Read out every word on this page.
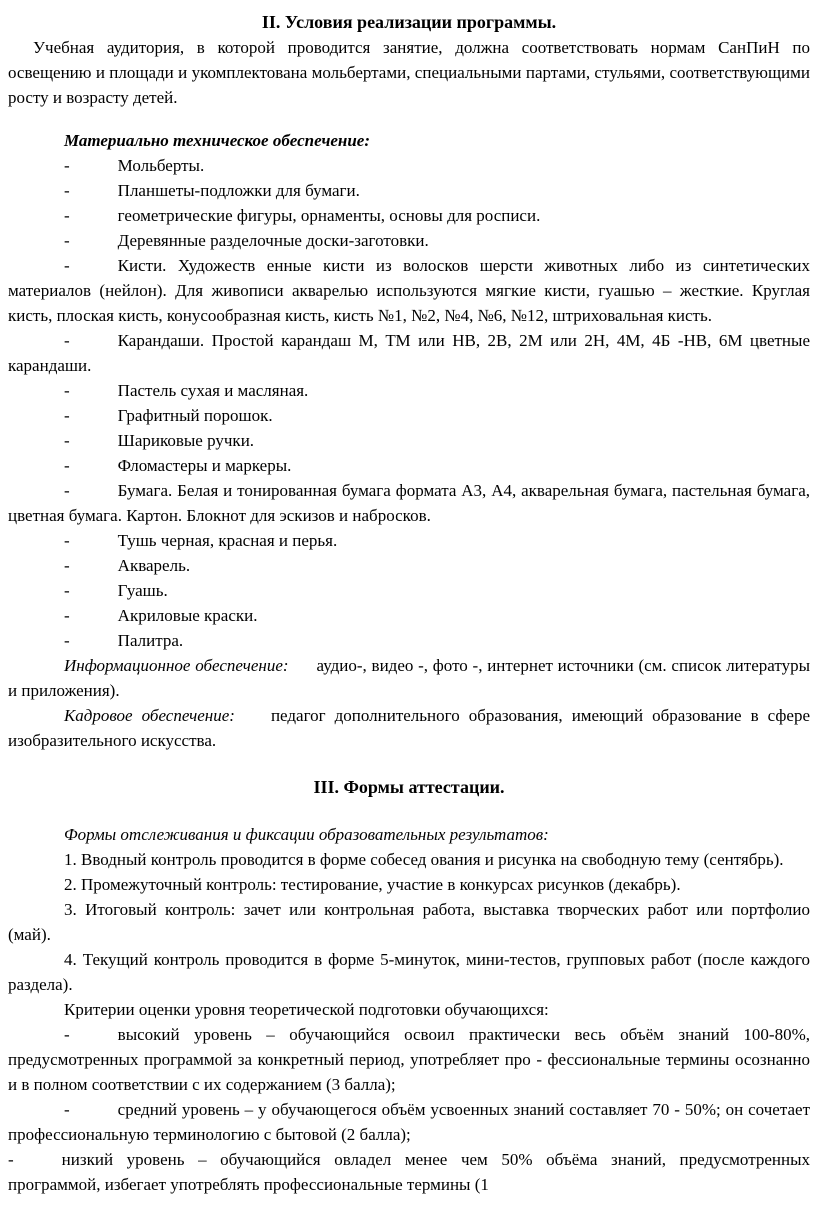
II. Условия реализации программы.

Учебная аудитория, в которой проводится занятие, должна соответствовать нормам СанПиН по освещению и площади и укомплектована мольбертами, специальными партами, стульями, соответствующими росту и возрасту детей.

Материально техническое обеспечение:

-	Мольберты.

-	Планшеты-подложки для бумаги.

-	геометрические фигуры, орнаменты, основы для росписи.

-	Деревянные разделочные доски-заготовки.

-	Кисти. Художеств енные кисти из волосков шерсти животных либо из синтетических материалов (нейлон). Для живописи акварелью используются мягкие кисти, гуашью – жесткие. Круглая кисть, плоская кисть, конусообразная кисть, кисть №1, №2, №4, №6, №12, штриховальная кисть.

-	Карандаши. Простой карандаш М, ТМ или НВ, 2В, 2М или 2Н, 4М, 4Б -НВ, 6М цветные карандаши.

-	Пастель сухая и масляная.

-	Графитный порошок.

-	Шариковые ручки.

-	Фломастеры и маркеры.

-	Бумага. Белая и тонированная бумага формата А3, А4, акварельная бумага, пастельная бумага, цветная бумага. Картон. Блокнот для эскизов и набросков.

-	Тушь черная, красная и перья.

-	Акварель.

-	Гуашь.

-	Акриловые краски.

-	Палитра.

Информационное обеспечение: аудио-, видео -, фото -, интернет источники (см. список литературы и приложения).

Кадровое обеспечение: педагог дополнительного образования, имеющий образование в сфере изобразительного искусства.

III. Формы аттестации.

Формы отслеживания и фиксации образовательных результатов:

1. Вводный контроль проводится в форме собесед ования и рисунка на свободную тему (сентябрь).

2. Промежуточный контроль: тестирование, участие в конкурсах рисунков (декабрь).

3. Итоговый контроль: зачет или контрольная работа, выставка творческих работ или портфолио (май).

4. Текущий контроль проводится в форме 5-минуток, мини-тестов, групповых работ (после каждого раздела).

Критерии оценки уровня теоретической подготовки обучающихся:

-	высокий уровень – обучающийся освоил практически весь объём знаний 100-80%, предусмотренных программой за конкретный период, употребляет про - фессиональные термины осознанно и в полном соответствии с их содержанием (3 балла);

-	средний уровень – у обучающегося объём усвоенных знаний составляет 70 - 50%; он сочетает профессиональную терминологию с бытовой (2 балла);

-	низкий уровень – обучающийся овладел менее чем 50% объёма знаний, предусмотренных программой, избегает употреблять профессиональные термины (1
